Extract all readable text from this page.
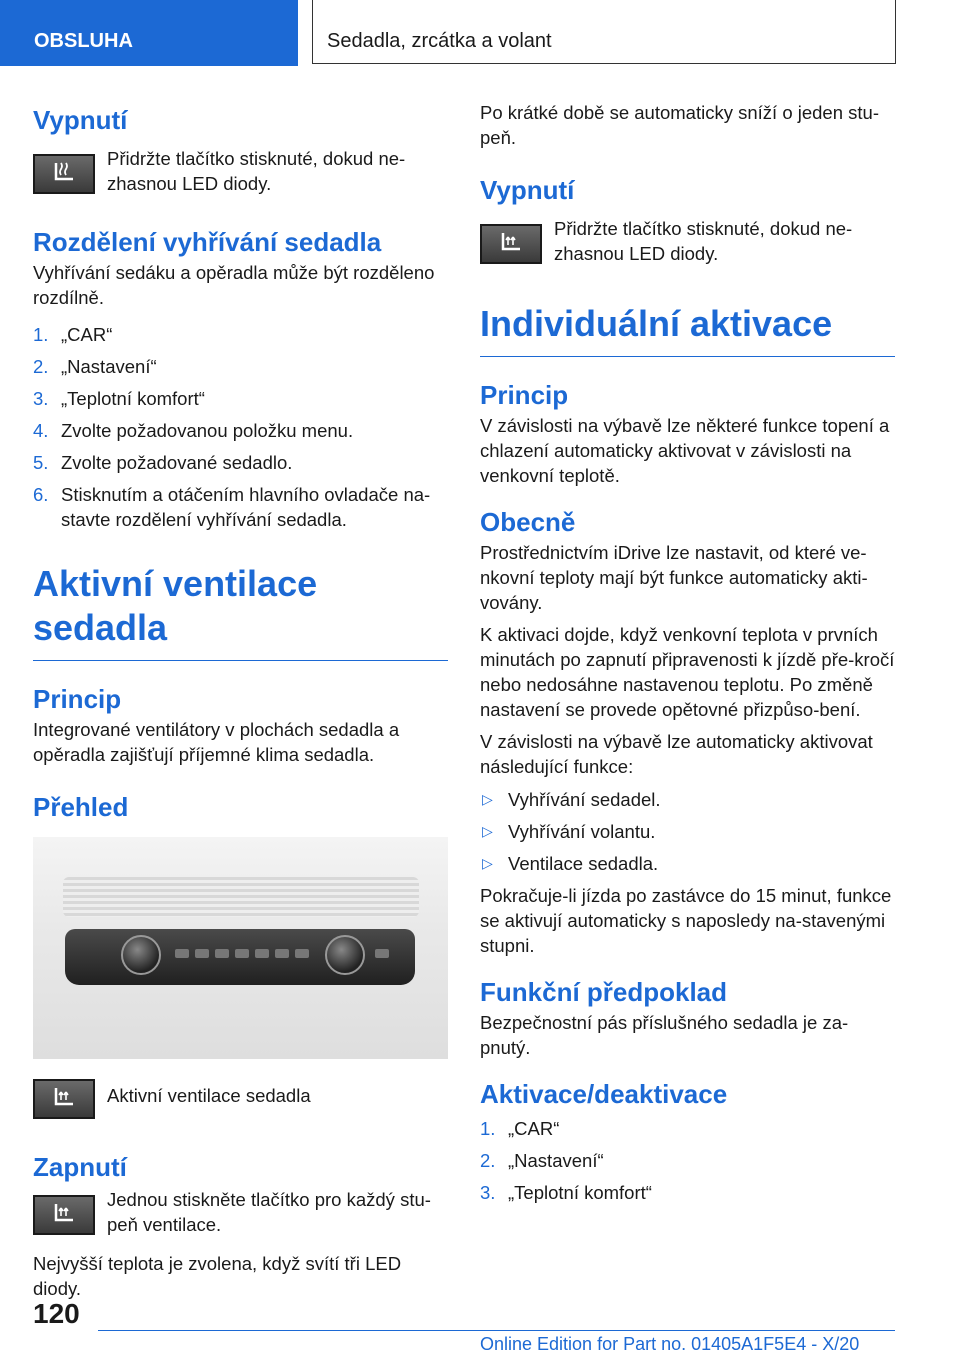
OBSLUHA	Sedadla, zrcátka a volant
Vypnutí

Přidržte tlačítko stisknuté, dokud ne-zhasnou LED diody.

Rozdělení vyhřívání sedadla

Vyhřívání sedáku a opěradla může být rozděleno rozdílně.

1. „CAR“
2. „Nastavení“
3. „Teplotní komfort“
4. Zvolte požadovanou položku menu.
5. Zvolte požadované sedadlo.
6. Stisknutím a otáčením hlavního ovladače na-stavte rozdělení vyhřívání sedadla.
Aktivní ventilace sedadla
Princip

Integrované ventilátory v plochách sedadla a opěradla zajišťují příjemné klima sedadla.

Přehled

Aktivní ventilace sedadla

Zapnutí

Jednou stiskněte tlačítko pro každý stu-peň ventilace.

Nejvyšší teplota je zvolena, když svítí tři LED diody.

Po krátké době se automaticky sníží o jeden stu-peň.

Vypnutí

Přidržte tlačítko stisknuté, dokud ne-zhasnou LED diody.

Individuální aktivace
Princip

V závislosti na výbavě lze některé funkce topení a chlazení automaticky aktivovat v závislosti na venkovní teplotě.

Obecně

Prostřednictvím iDrive lze nastavit, od které ve-nkovní teploty mají být funkce automaticky akti-vovány.

K aktivaci dojde, když venkovní teplota v prvních minutách po zapnutí připravenosti k jízdě pře-kročí nebo nedosáhne nastavenou teplotu. Po změně nastavení se provede opětovné přizpůso-bení.

V závislosti na výbavě lze automaticky aktivovat následující funkce:

▷ Vyhřívání sedadel.
▷ Vyhřívání volantu.
▷ Ventilace sedadla.

Pokračuje-li jízda po zastávce do 15 minut, funkce se aktivují automaticky s naposledy na-stavenými stupni.

Funkční předpoklad

Bezpečnostní pás příslušného sedadla je za-pnutý.

Aktivace/deaktivace
1. „CAR“
2. „Nastavení“
3. „Teplotní komfort“
120
Online Edition for Part no. 01405A1F5E4 - X/20
